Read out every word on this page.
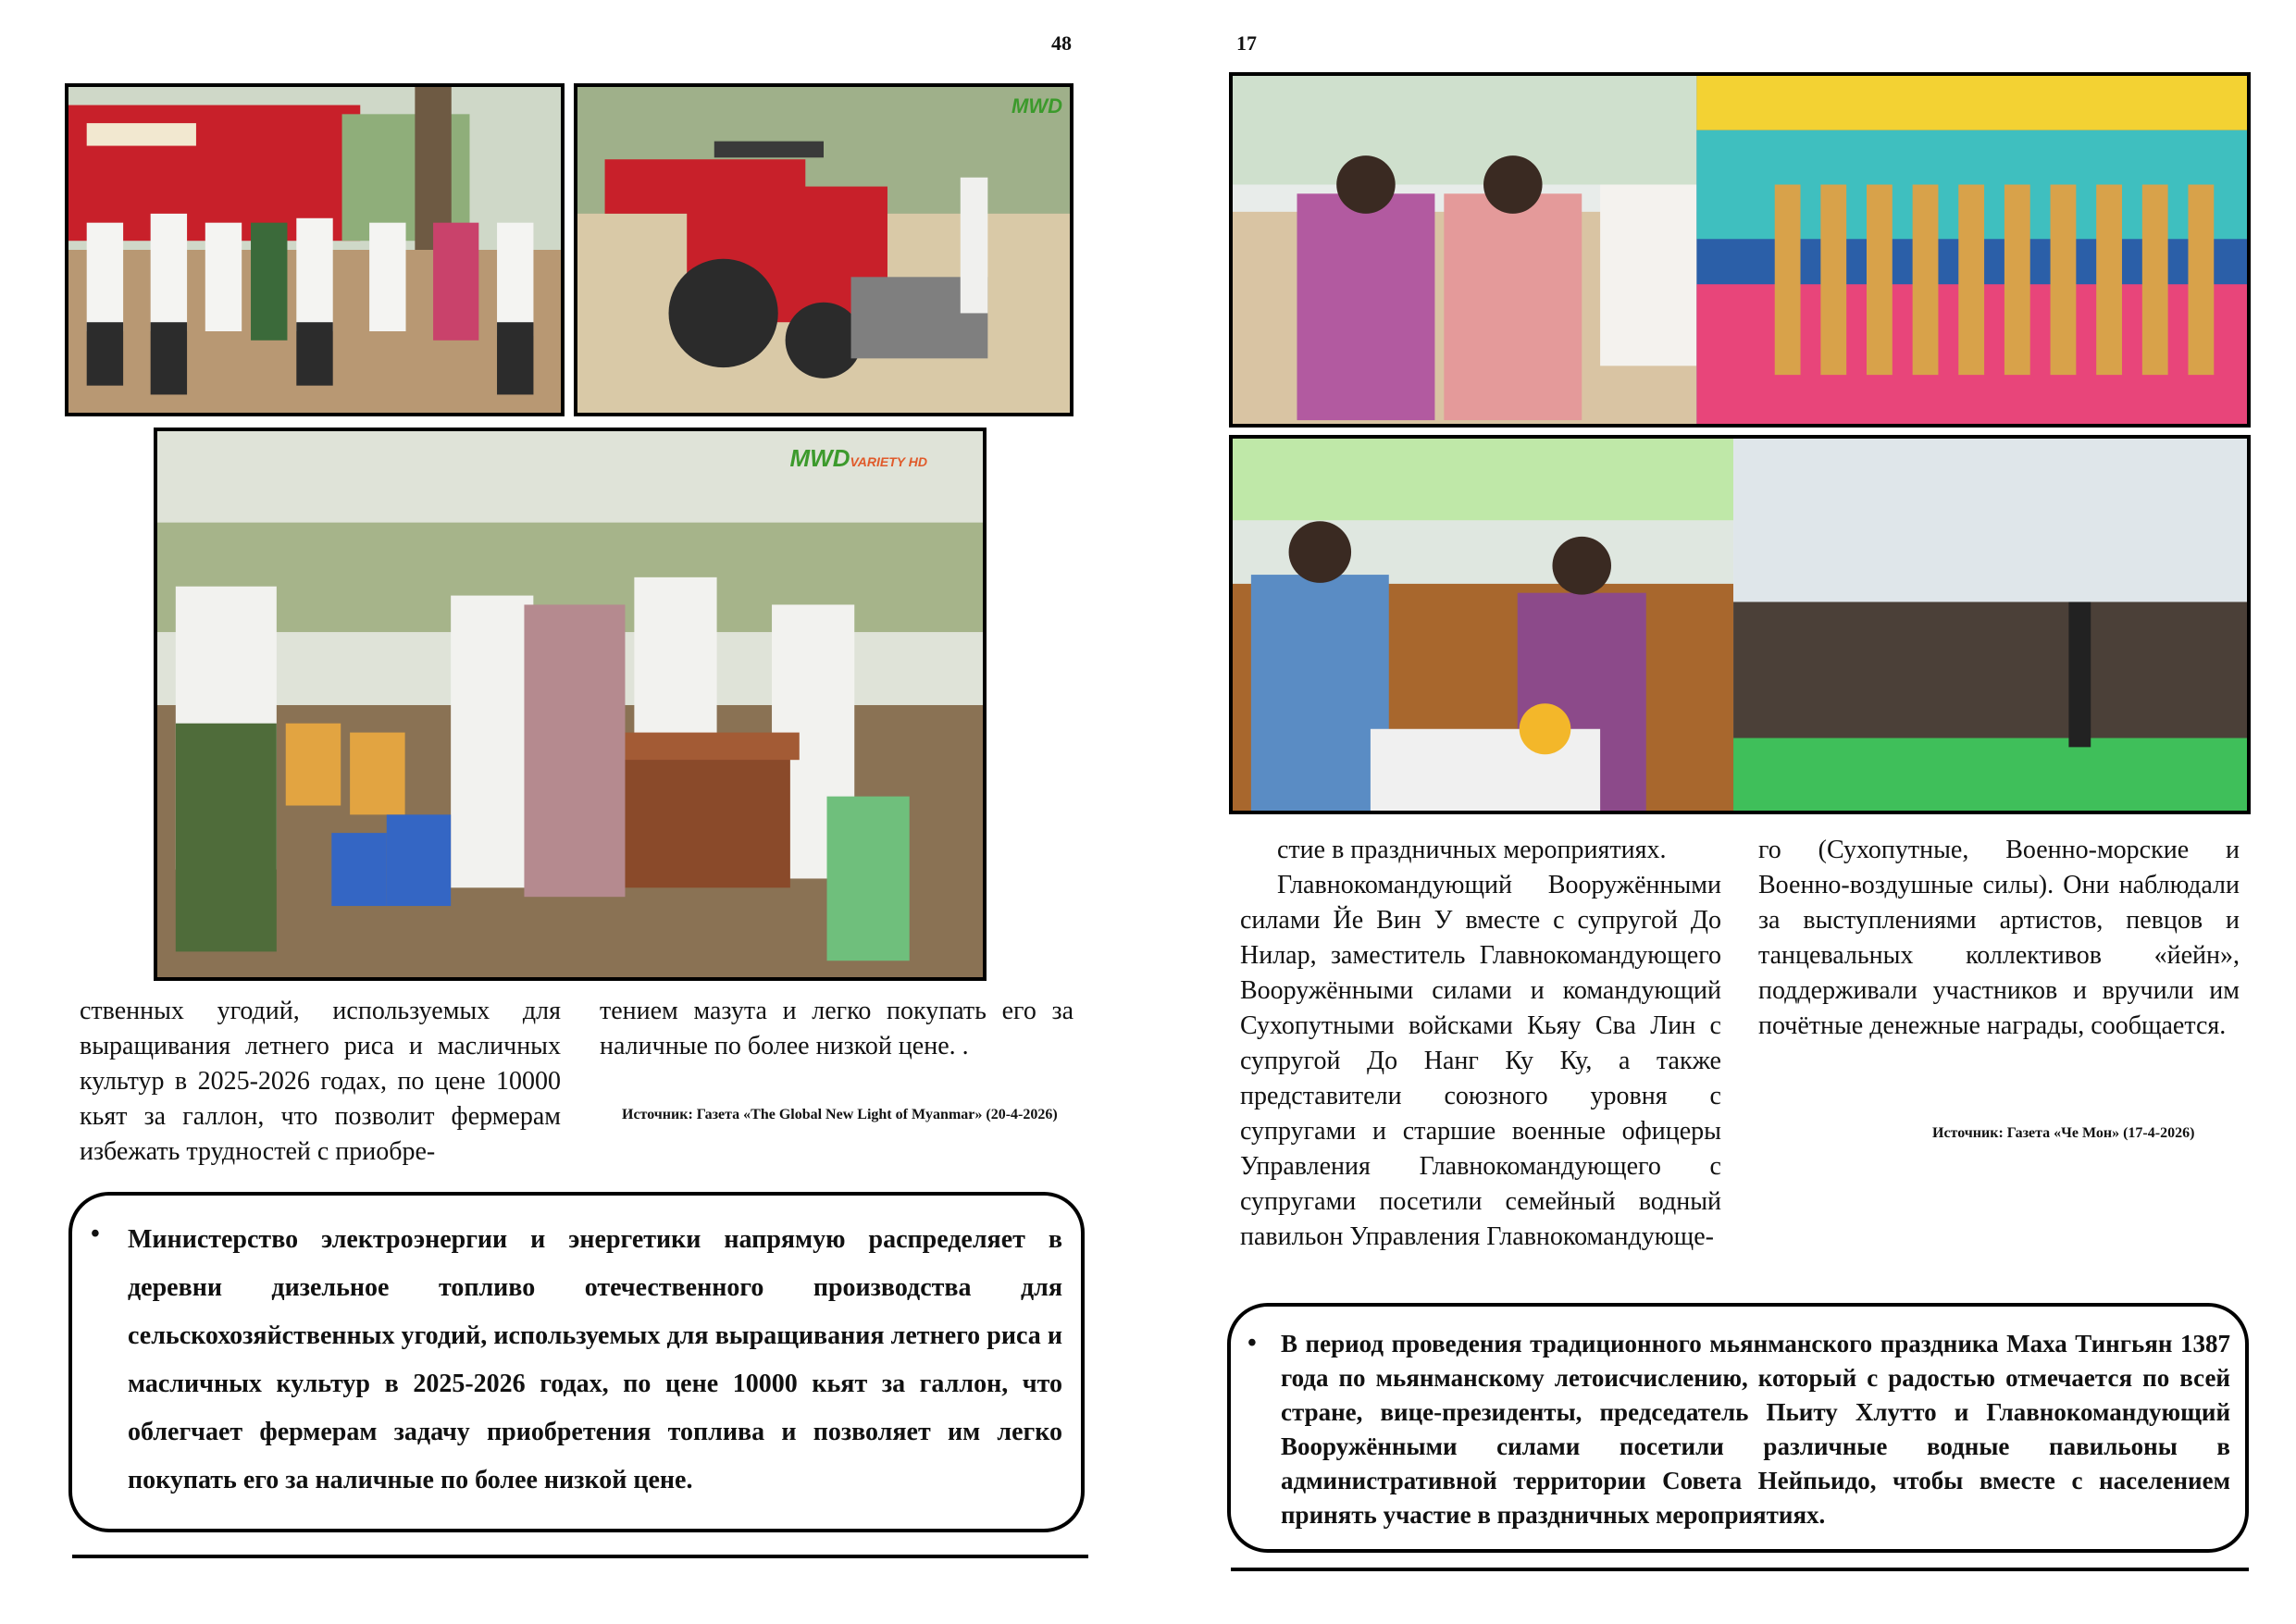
48
MWD
MWDVARIETY HD

ственных угодий, используемых для выращивания летнего риса и масличных культур в 2025-2026 годах, по цене 10000 кьят за галлон, что позволит фермерам избежать трудностей с приобре-

тением мазута и легко покупать его за наличные по более низкой цене. .

Источник: Газета «The Global New Light of Myanmar» (20-4-2026)
• Министерство электроэнергии и энергетики напрямую распределяет в деревни дизельное топливо отечественного производства для сельскохозяйственных угодий, используемых для выращивания летнего риса и масличных культур в 2025-2026 годах, по цене 10000 кьят за галлон, что облегчает фермерам задачу приобретения топлива и позволяет им легко покупать его за наличные по более низкой цене.
17

стие в праздничных мероприятиях.

Главнокомандующий Вооружёнными силами Йе Вин У вместе с супругой До Нилар, заместитель Главнокомандующего Вооружёнными силами и командующий Сухопутными войсками Кьяу Сва Лин с супругой До Нанг Ку Ку, а также представители союзного уровня с супругами и старшие военные офицеры Управления Главнокомандующего с супругами посетили семейный водный павильон Управления Главнокомандующе-

го (Сухопутные, Военно-морские и Военно-воздушные силы). Они наблюдали за выступлениями артистов, певцов и танцевальных коллективов «йейн», поддерживали участников и вручили им почётные денежные награды, сообщается.

Источник: Газета «Че Мон» (17-4-2026)
• В период проведения традиционного мьянманского праздника Маха Тингьян 1387 года по мьянманскому летоисчислению, который с радостью отмечается по всей стране, вице-президенты, председатель Пьиту Хлутто и Главнокомандующий Вооружёнными силами посетили различные водные павильоны в административной территории Совета Нейпьидо, чтобы вместе с населением принять участие в праздничных мероприятиях.
